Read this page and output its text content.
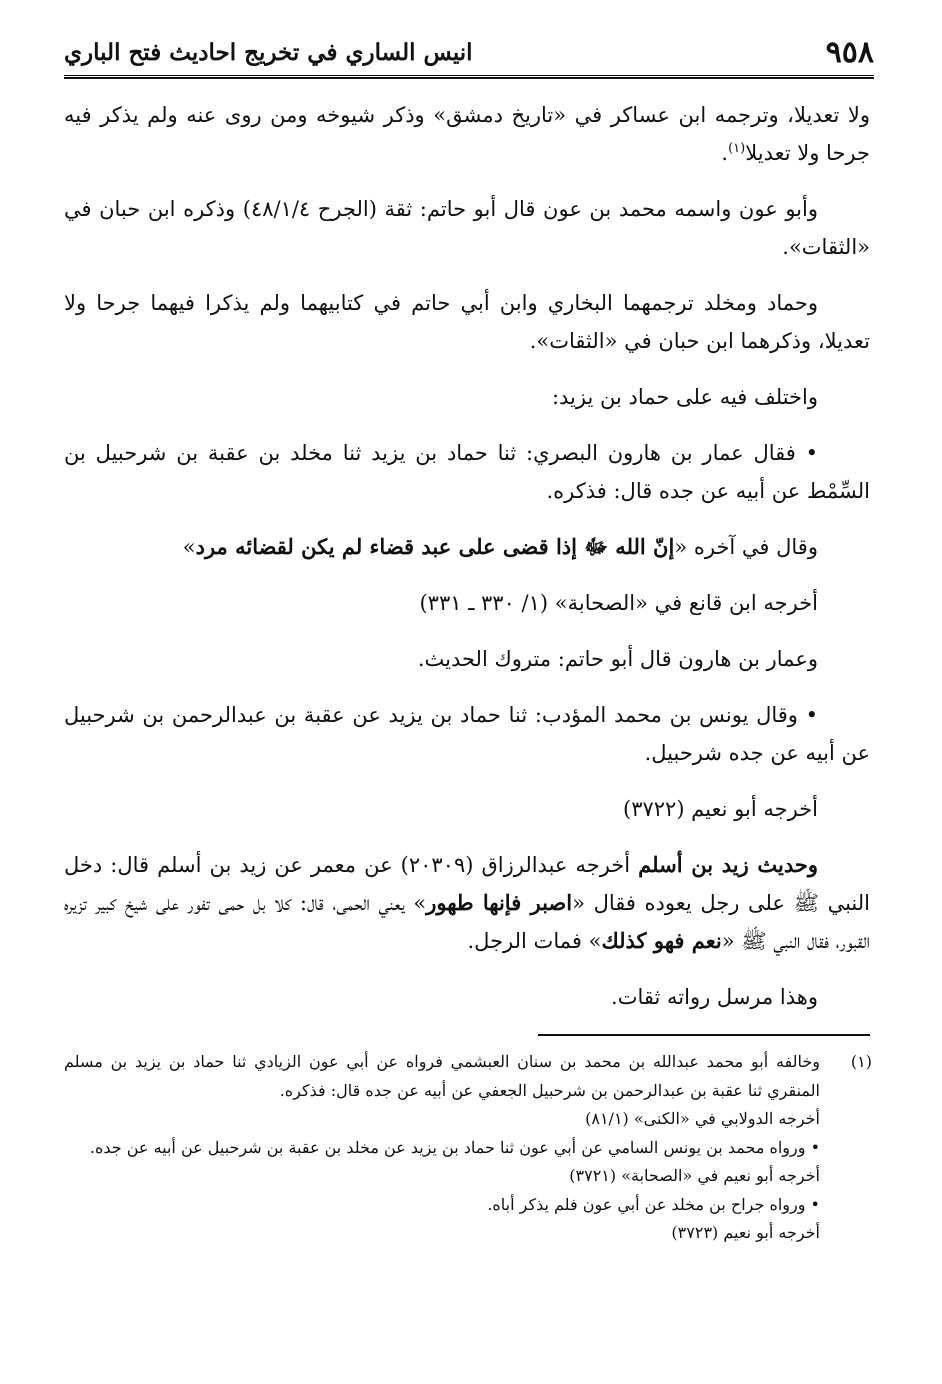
٩٥٨
انيس الساري في تخريج احاديث فتح الباري

ولا تعديلا، وترجمه ابن عساكر في «تاريخ دمشق» وذكر شيوخه ومن روى عنه ولم يذكر فيه جرحا ولا تعديلا$^{(١)}$.

وأبو عون واسمه محمد بن عون قال أبو حاتم: ثقة (الجرح ٤٨/١/٤) وذكره ابن حبان في «الثقات».

وحماد ومخلد ترجمهما البخاري وابن أبي حاتم في كتابيهما ولم يذكرا فيهما جرحا ولا تعديلا، وذكرهما ابن حبان في «الثقات».

واختلف فيه على حماد بن يزيد:

• فقال عمار بن هارون البصري: ثنا حماد بن يزيد ثنا مخلد بن عقبة بن شرحبيل بن السِّمْط عن أبيه عن جده قال: فذكره.

وقال في آخره «إنّ الله ﷻ إذا قضى على عبد قضاء لم يكن لقضائه مرد»

أخرجه ابن قانع في «الصحابة» (١/ ٣٣٠ ـ ٣٣١)

وعمار بن هارون قال أبو حاتم: متروك الحديث.

• وقال يونس بن محمد المؤدب: ثنا حماد بن يزيد عن عقبة بن عبدالرحمن بن شرحبيل عن أبيه عن جده شرحبيل.

أخرجه أبو نعيم (٣٧٢٢)

وحديث زيد بن أسلم أخرجه عبدالرزاق (٢٠٣٠٩) عن معمر عن زيد بن أسلم قال: دخل النبي ﷺ على رجل يعوده فقال «اصبر فإنها طهور» يعني الحمى، قال: كلا بل حمى تفور على شيخ كبير تزيره القبور، فقال النبي ﷺ «نعم فهو كذلك» فمات الرجل.

وهذا مرسل رواته ثقات.

(١)
وخالفه أبو محمد عبدالله بن محمد بن سنان العبشمي فرواه عن أبي عون الزيادي ثنا حماد بن يزيد بن مسلم المنقري ثنا عقبة بن عبدالرحمن بن شرحبيل الجعفي عن أبيه عن جده قال: فذكره.
أخرجه الدولابي في «الكنى» (٨١/١)
• ورواه محمد بن يونس السامي عن أبي عون ثنا حماد بن يزيد عن مخلد بن عقبة بن شرحبيل عن أبيه عن جده.
أخرجه أبو نعيم في «الصحابة» (٣٧٢١)
• ورواه جراح بن مخلد عن أبي عون فلم يذكر أباه.
أخرجه أبو نعيم (٣٧٢٣)
